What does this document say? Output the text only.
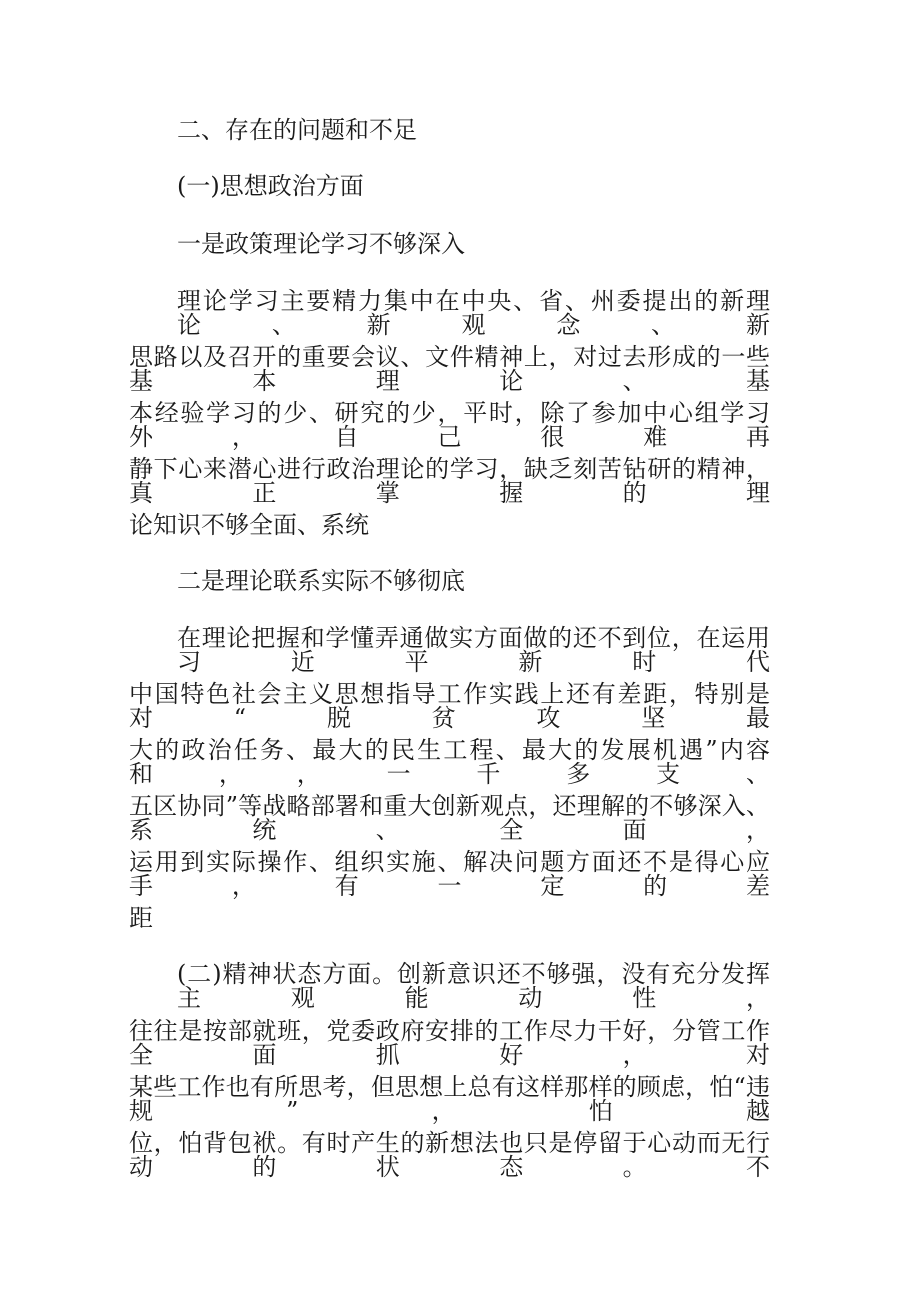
二、存在的问题和不足
(一)思想政治方面
一是政策理论学习不够深入
理论学习主要精力集中在中央、省、州委提出的新理论、新观念、新
思路以及召开的重要会议、文件精神上，对过去形成的一些基本理论、基
本经验学习的少、研究的少，平时，除了参加中心组学习外，自己很难再
静下心来潜心进行政治理论的学习，缺乏刻苦钻研的精神，真正掌握的理
论知识不够全面、系统
二是理论联系实际不够彻底
在理论把握和学懂弄通做实方面做的还不到位，在运用习近平新时代
中国特色社会主义思想指导工作实践上还有差距，特别是对“脱贫攻坚最
大的政治任务、最大的民生工程、最大的发展机遇”内容和，，一千多支、
五区协同”等战略部署和重大创新观点，还理解的不够深入、系统、全面，
运用到实际操作、组织实施、解决问题方面还不是得心应手，有一定的差
距
(二)精神状态方面。创新意识还不够强，没有充分发挥主观能动性，
往往是按部就班，党委政府安排的工作尽力干好，分管工作全面抓好，对
某些工作也有所思考，但思想上总有这样那样的顾虑，怕“违规”，怕越
位，怕背包袱。有时产生的新想法也只是停留于心动而无行动的状态。不
